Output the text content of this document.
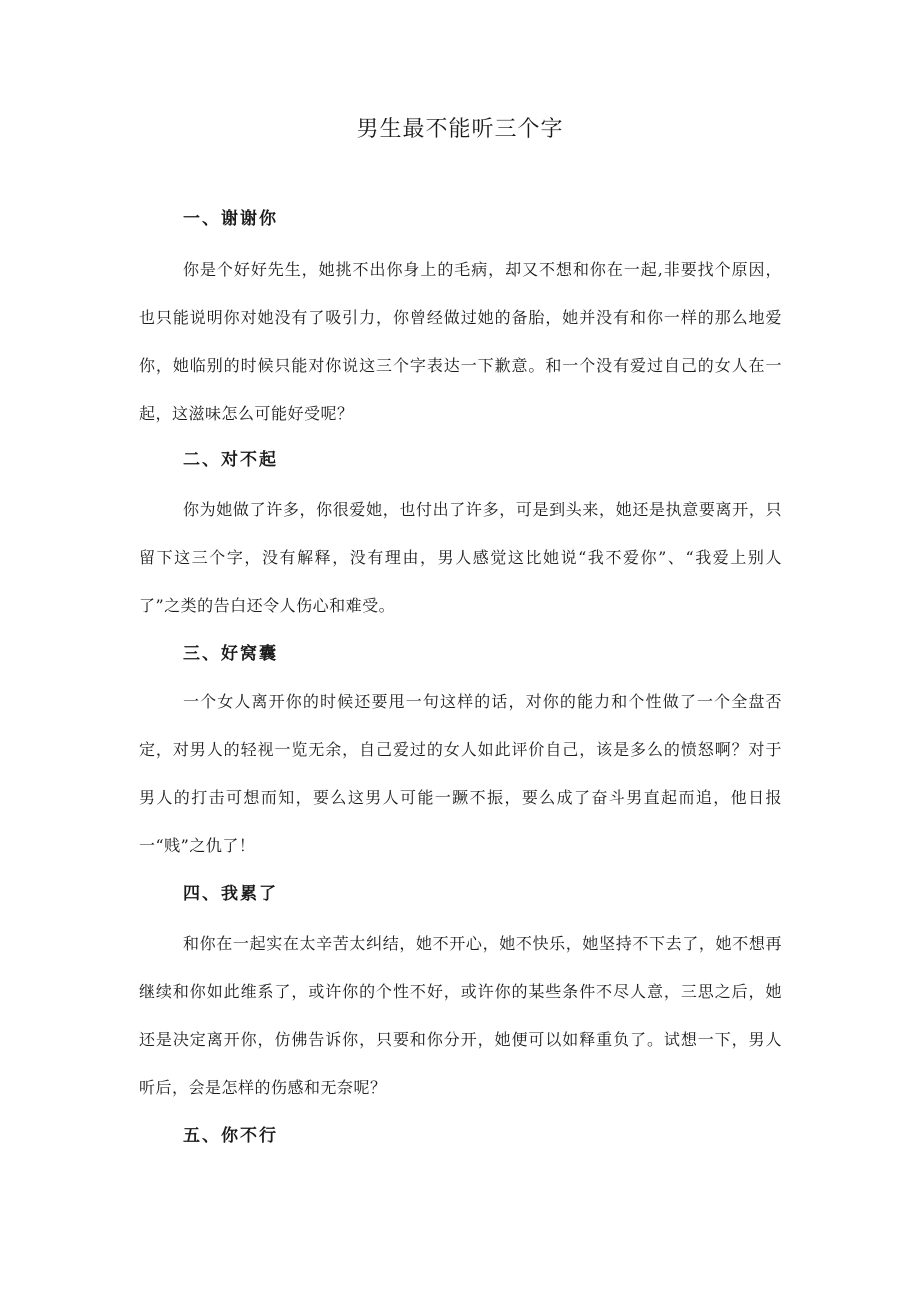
男生最不能听三个字
一、谢谢你

你是个好好先生，她挑不出你身上的毛病，却又不想和你在一起,非要找个原因，也只能说明你对她没有了吸引力，你曾经做过她的备胎，她并没有和你一样的那么地爱你，她临别的时候只能对你说这三个字表达一下歉意。和一个没有爱过自己的女人在一起，这滋味怎么可能好受呢？

二、对不起

你为她做了许多，你很爱她，也付出了许多，可是到头来，她还是执意要离开，只留下这三个字，没有解释，没有理由，男人感觉这比她说“我不爱你”、“我爱上别人了”之类的告白还令人伤心和难受。

三、好窝囊

一个女人离开你的时候还要甩一句这样的话，对你的能力和个性做了一个全盘否定，对男人的轻视一览无余，自己爱过的女人如此评价自己，该是多么的愤怒啊？对于男人的打击可想而知，要么这男人可能一蹶不振，要么成了奋斗男直起而追，他日报一“贱”之仇了！

四、我累了

和你在一起实在太辛苦太纠结，她不开心，她不快乐，她坚持不下去了，她不想再继续和你如此维系了，或许你的个性不好，或许你的某些条件不尽人意，三思之后，她还是决定离开你，仿佛告诉你，只要和你分开，她便可以如释重负了。试想一下，男人听后，会是怎样的伤感和无奈呢？

五、你不行
